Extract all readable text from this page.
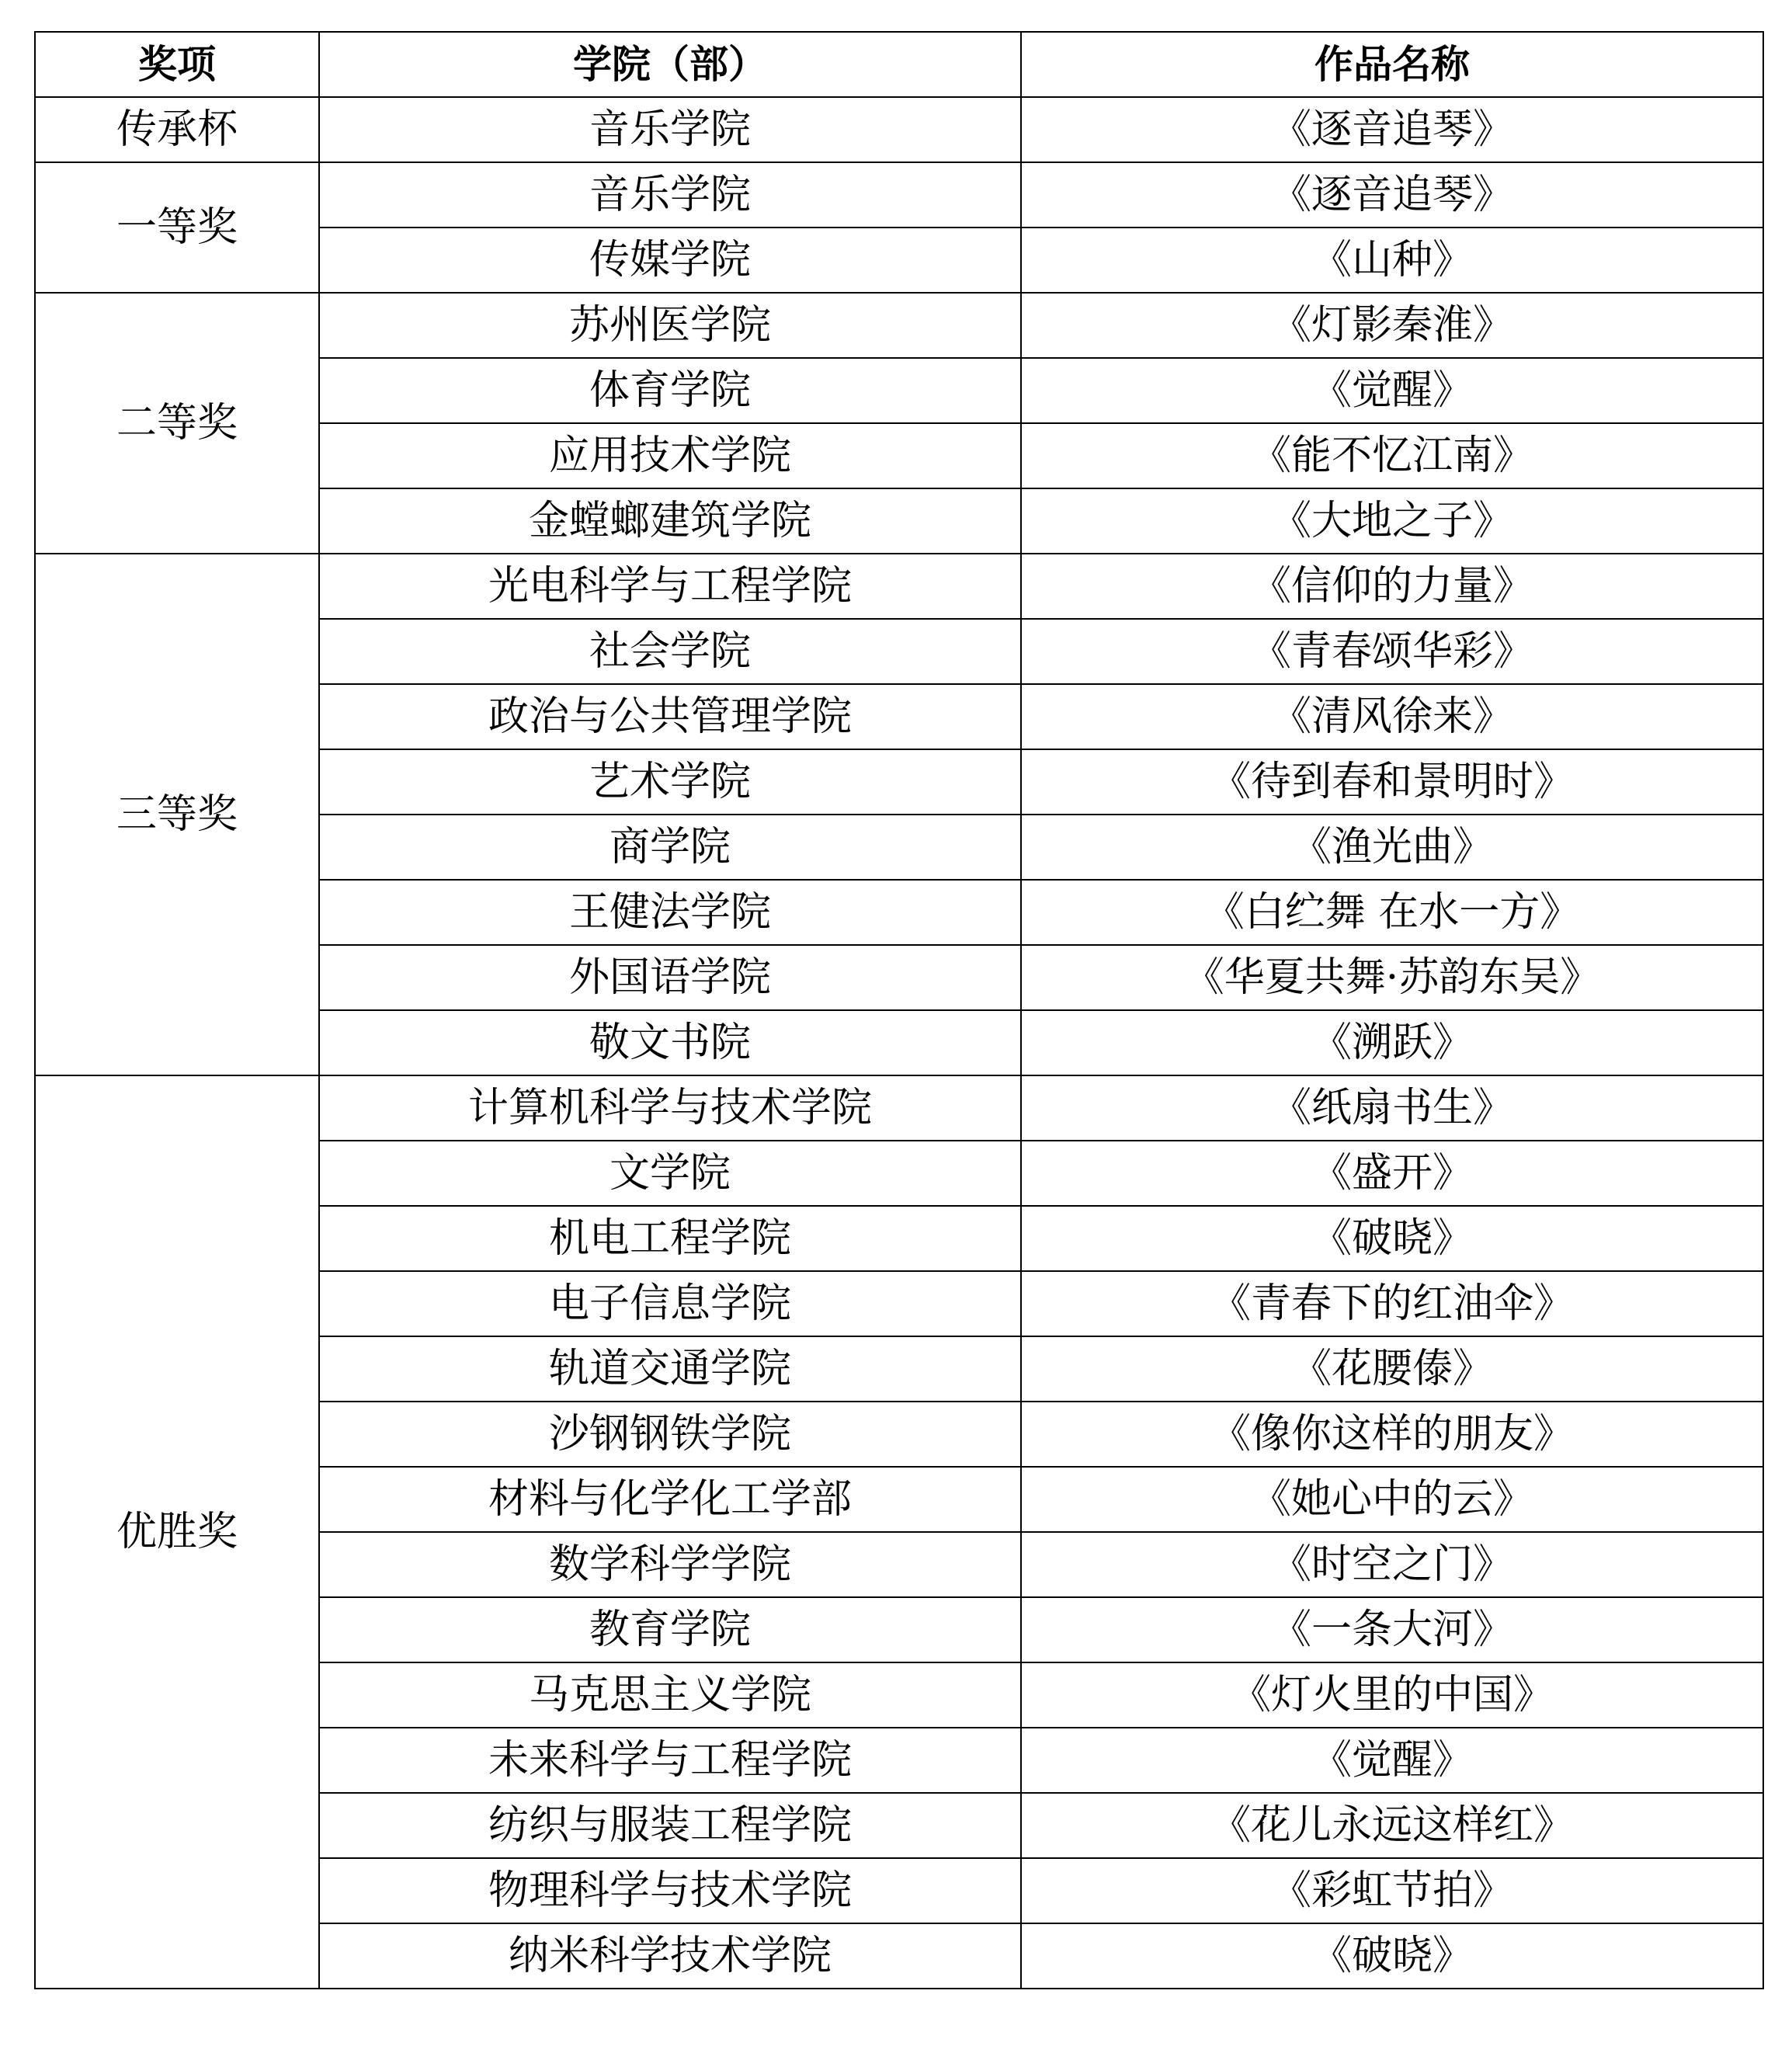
奖项	学院（部）	作品名称
传承杯	音乐学院	《逐音追琴》
一等奖	音乐学院	《逐音追琴》
	传媒学院	《山种》
二等奖	苏州医学院	《灯影秦淮》
	体育学院	《觉醒》
	应用技术学院	《能不忆江南》
	金螳螂建筑学院	《大地之子》
三等奖	光电科学与工程学院	《信仰的力量》
	社会学院	《青春颂华彩》
	政治与公共管理学院	《清风徐来》
	艺术学院	《待到春和景明时》
	商学院	《渔光曲》
	王健法学院	《白纻舞 在水一方》
	外国语学院	《华夏共舞·苏韵东吴》
	敬文书院	《溯跃》
优胜奖	计算机科学与技术学院	《纸扇书生》
	文学院	《盛开》
	机电工程学院	《破晓》
	电子信息学院	《青春下的红油伞》
	轨道交通学院	《花腰傣》
	沙钢钢铁学院	《像你这样的朋友》
	材料与化学化工学部	《她心中的云》
	数学科学学院	《时空之门》
	教育学院	《一条大河》
	马克思主义学院	《灯火里的中国》
	未来科学与工程学院	《觉醒》
	纺织与服装工程学院	《花儿永远这样红》
	物理科学与技术学院	《彩虹节拍》
	纳米科学技术学院	《破晓》
